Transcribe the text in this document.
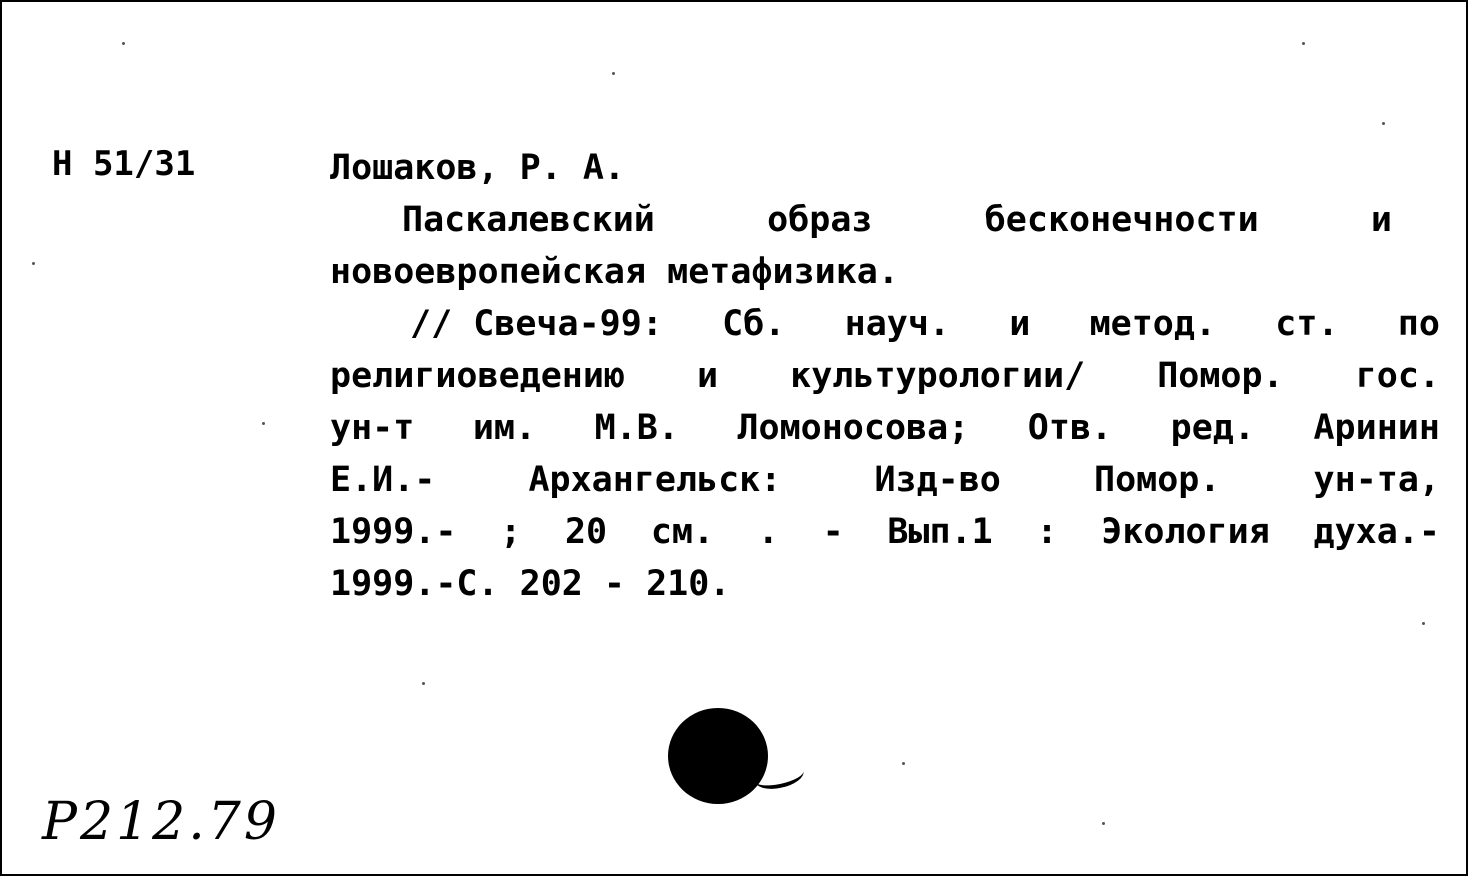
Н 51/31	Лошаков, Р. А.
Паскалевский	образ	бесконечности	и
новоевропейская метафизика.
// Свеча-99: Сб. науч. и метод. ст. по
религиоведению и культурологии/ Помор. гос.
ун-т им. М.В. Ломоносова; Отв. ред. Аринин
Е.И.-	Архангельск:	Изд-во	Помор.	ун-та,
1999.- ; 20 см. . - Вып.1 : Экология духа.-
1999.-С. 202 - 210.
Р212.79
